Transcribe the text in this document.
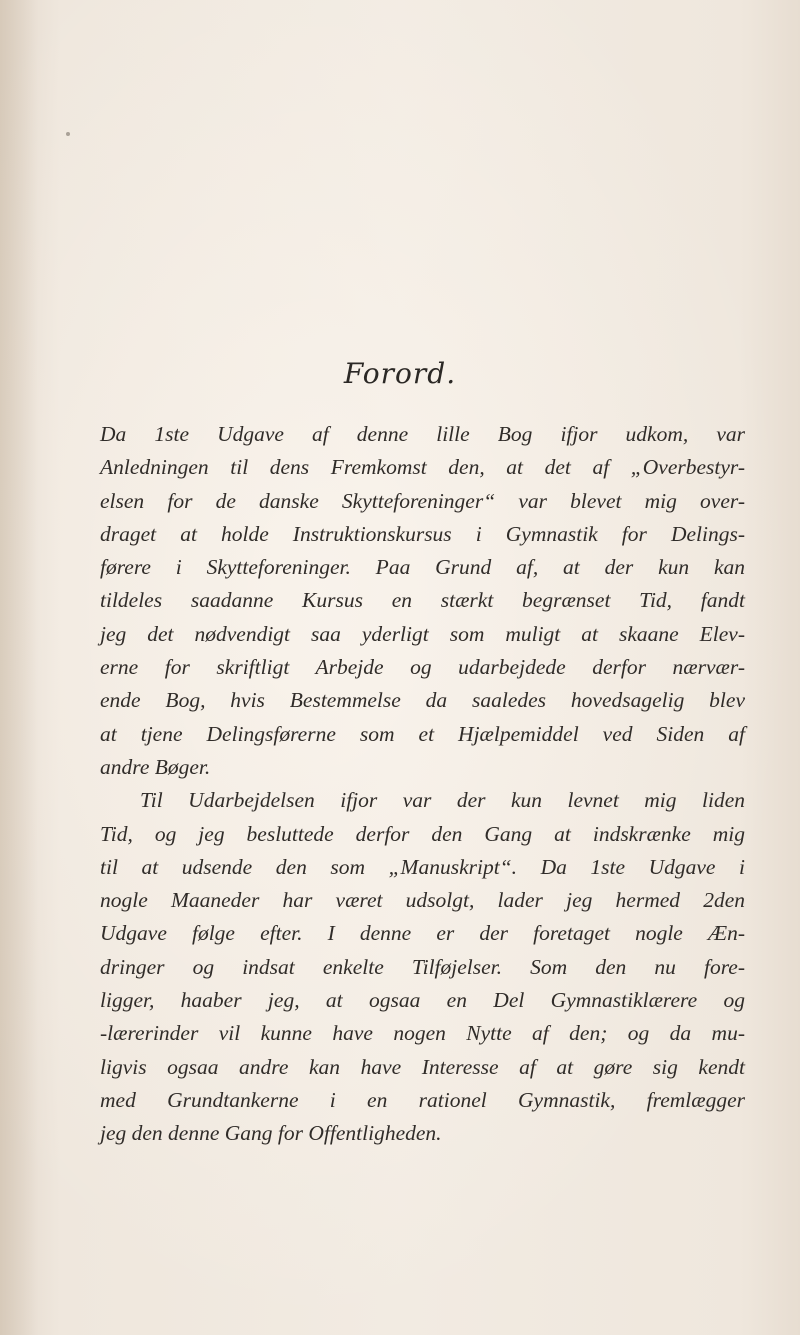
Forord.
Da 1ste Udgave af denne lille Bog ifjor udkom, var
Anledningen til dens Fremkomst den, at det af „Overbestyr-
elsen for de danske Skytteforeninger“ var blevet mig over-
draget at holde Instruktionskursus i Gymnastik for Delings-
førere i Skytteforeninger. Paa Grund af, at der kun kan
tildeles saadanne Kursus en stærkt begrænset Tid, fandt
jeg det nødvendigt saa yderligt som muligt at skaane Elev-
erne for skriftligt Arbejde og udarbejdede derfor nærvær-
ende Bog, hvis Bestemmelse da saaledes hovedsagelig blev
at tjene Delingsførerne som et Hjælpemiddel ved Siden af
andre Bøger.
Til Udarbejdelsen ifjor var der kun levnet mig liden
Tid, og jeg besluttede derfor den Gang at indskrænke mig
til at udsende den som „Manuskript“. Da 1ste Udgave i
nogle Maaneder har været udsolgt, lader jeg hermed 2den
Udgave følge efter. I denne er der foretaget nogle Æn-
dringer og indsat enkelte Tilføjelser. Som den nu fore-
ligger, haaber jeg, at ogsaa en Del Gymnastiklærere og
-lærerinder vil kunne have nogen Nytte af den; og da mu-
ligvis ogsaa andre kan have Interesse af at gøre sig kendt
med Grundtankerne i en rationel Gymnastik, fremlægger
jeg den denne Gang for Offentligheden.
